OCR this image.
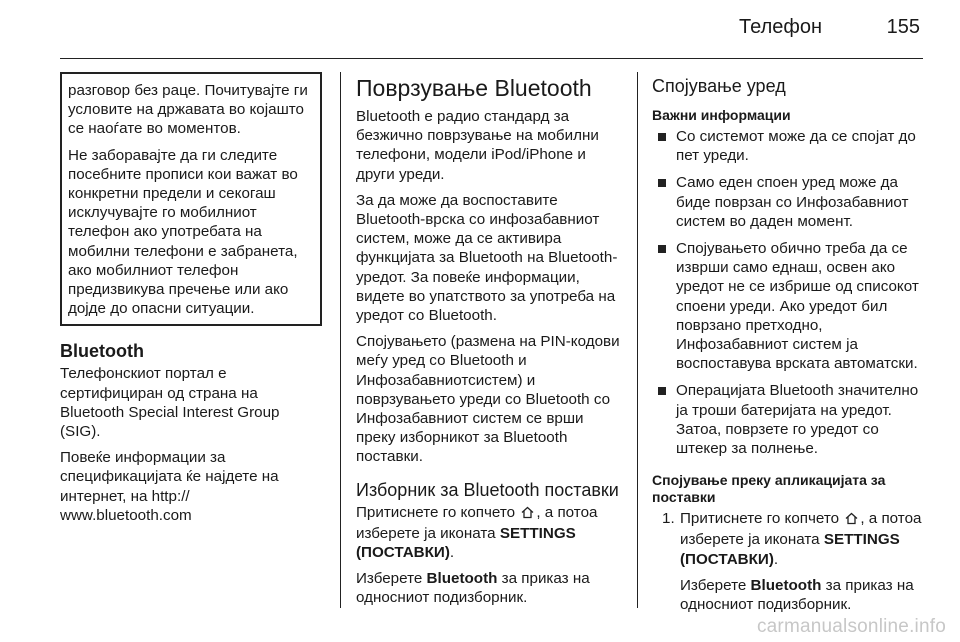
Телефон	155

разговор без раце. Почитувајте ги условите на државата во којашто се наоѓате во моментов.

Не заборавајте да ги следите посебните прописи кои важат во конкретни предели и секогаш исклучувајте го мобилниот телефон ако употребата на мобилни телефони е забранета, ако мобилниот телефон предизвикува пречење или ако дојде до опасни ситуации.

Bluetooth

Телефонскиот портал е сертифициран од страна на Bluetooth Special Interest Group (SIG).

Повеќе информации за спецификацијата ќе најдете на интернет, на http:// www.bluetooth.com

Поврзување Bluetooth

Bluetooth е радио стандард за безжично поврзување на мобилни телефони, модели iPod/iPhone и други уреди.

За да може да воспоставите Bluetooth-врска со инфозабавниот систем, може да се активира функцијата за Bluetooth на Bluetooth-уредот. За повеќе информации, видете во упатството за употреба на уредот со Bluetooth.

Спојувањето (размена на PIN-кодови меѓу уред со Bluetooth и Инфозабавниотсистем) и поврзувањето уреди со Bluetooth со Инфозабавниот систем се врши преку изборникот за Bluetooth поставки.

Изборник за Bluetooth поставки

Притиснете го копчето , а потоа изберете ја иконата SETTINGS (ПОСТАВКИ).

Изберете Bluetooth за приказ на односниот подизборник.

Спојување уред
Важни информации
Со системот може да се спојат до пет уреди.
Само еден споен уред може да биде поврзан со Инфозабавниот систем во даден момент.
Спојувањето обично треба да се изврши само еднаш, освен ако уредот не се избрише од списокот споени уреди. Ако уредот бил поврзано претходно, Инфозабавниот систем ја воспоставува врската автоматски.
Операцијата Bluetooth значително ја троши батеријата на уредот. Затоа, поврзете го уредот со штекер за полнење.
Спојување преку апликацијата за поставки
1. Притиснете го копчето , а потоа изберете ја иконата SETTINGS (ПОСТАВКИ).

Изберете Bluetooth за приказ на односниот подизборник.

carmanualsonline.info
